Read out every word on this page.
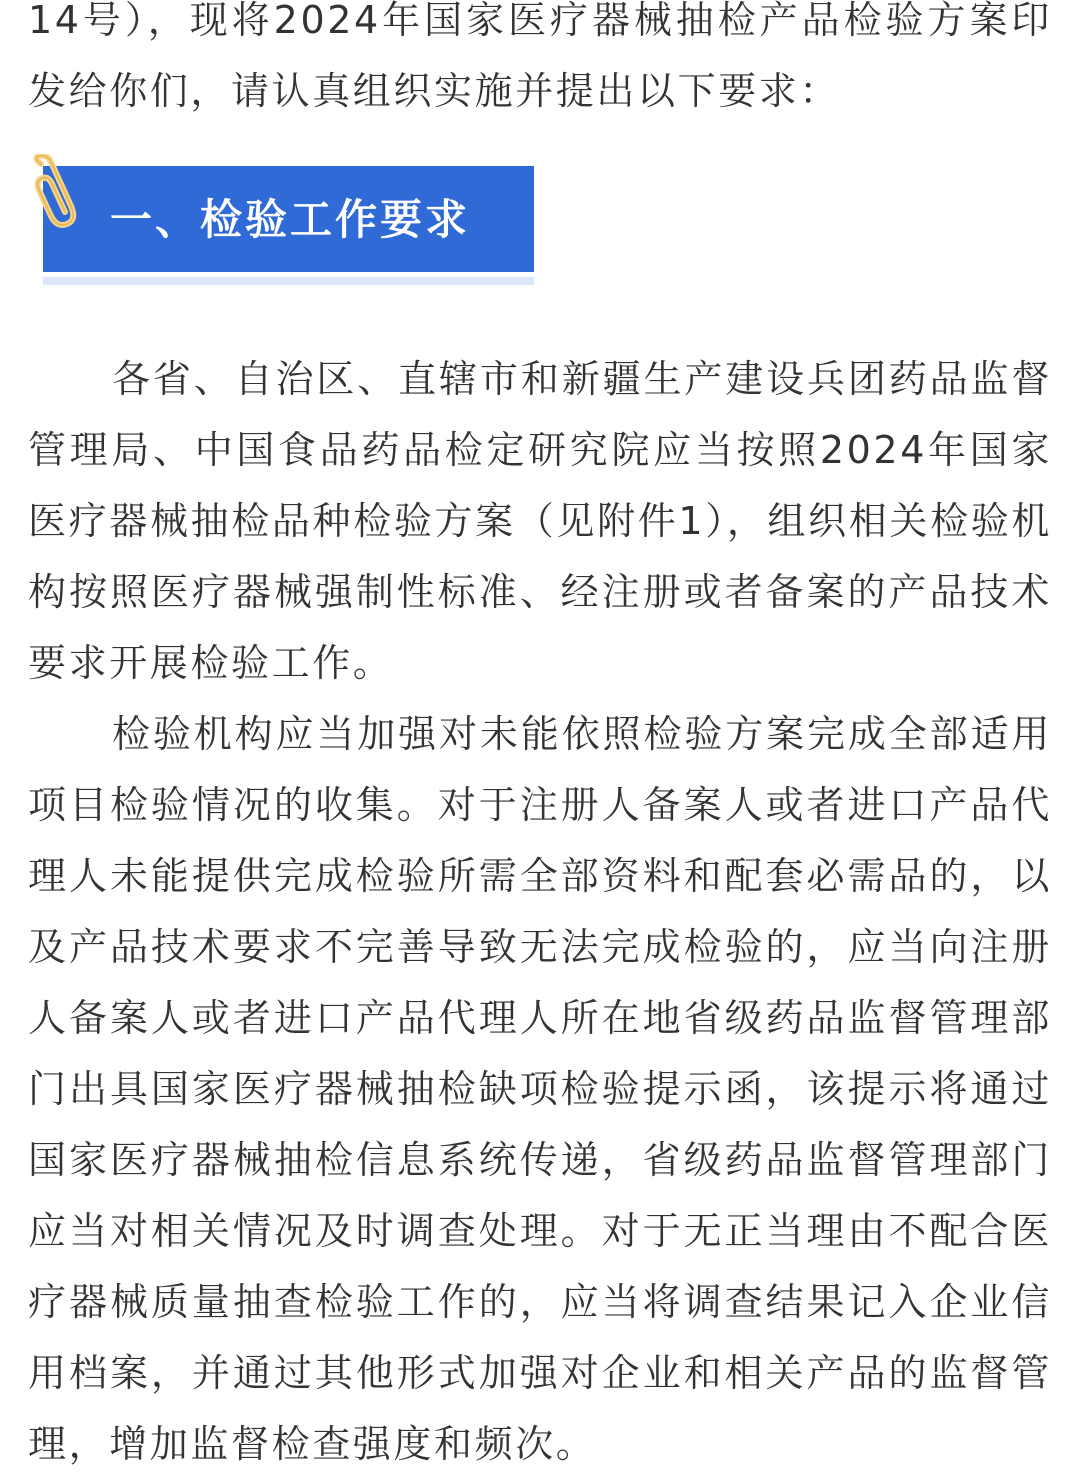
14号），现将2024年国家医疗器械抽检产品检验方案印发给你们，请认真组织实施并提出以下要求：

一、检验工作要求

各省、自治区、直辖市和新疆生产建设兵团药品监督管理局、中国食品药品检定研究院应当按照2024年国家医疗器械抽检品种检验方案（见附件1），组织相关检验机构按照医疗器械强制性标准、经注册或者备案的产品技术要求开展检验工作。

检验机构应当加强对未能依照检验方案完成全部适用项目检验情况的收集。对于注册人备案人或者进口产品代理人未能提供完成检验所需全部资料和配套必需品的，以及产品技术要求不完善导致无法完成检验的，应当向注册人备案人或者进口产品代理人所在地省级药品监督管理部门出具国家医疗器械抽检缺项检验提示函，该提示将通过国家医疗器械抽检信息系统传递，省级药品监督管理部门应当对相关情况及时调查处理。对于无正当理由不配合医疗器械质量抽查检验工作的，应当将调查结果记入企业信用档案，并通过其他形式加强对企业和相关产品的监督管理，增加监督检查强度和频次。
